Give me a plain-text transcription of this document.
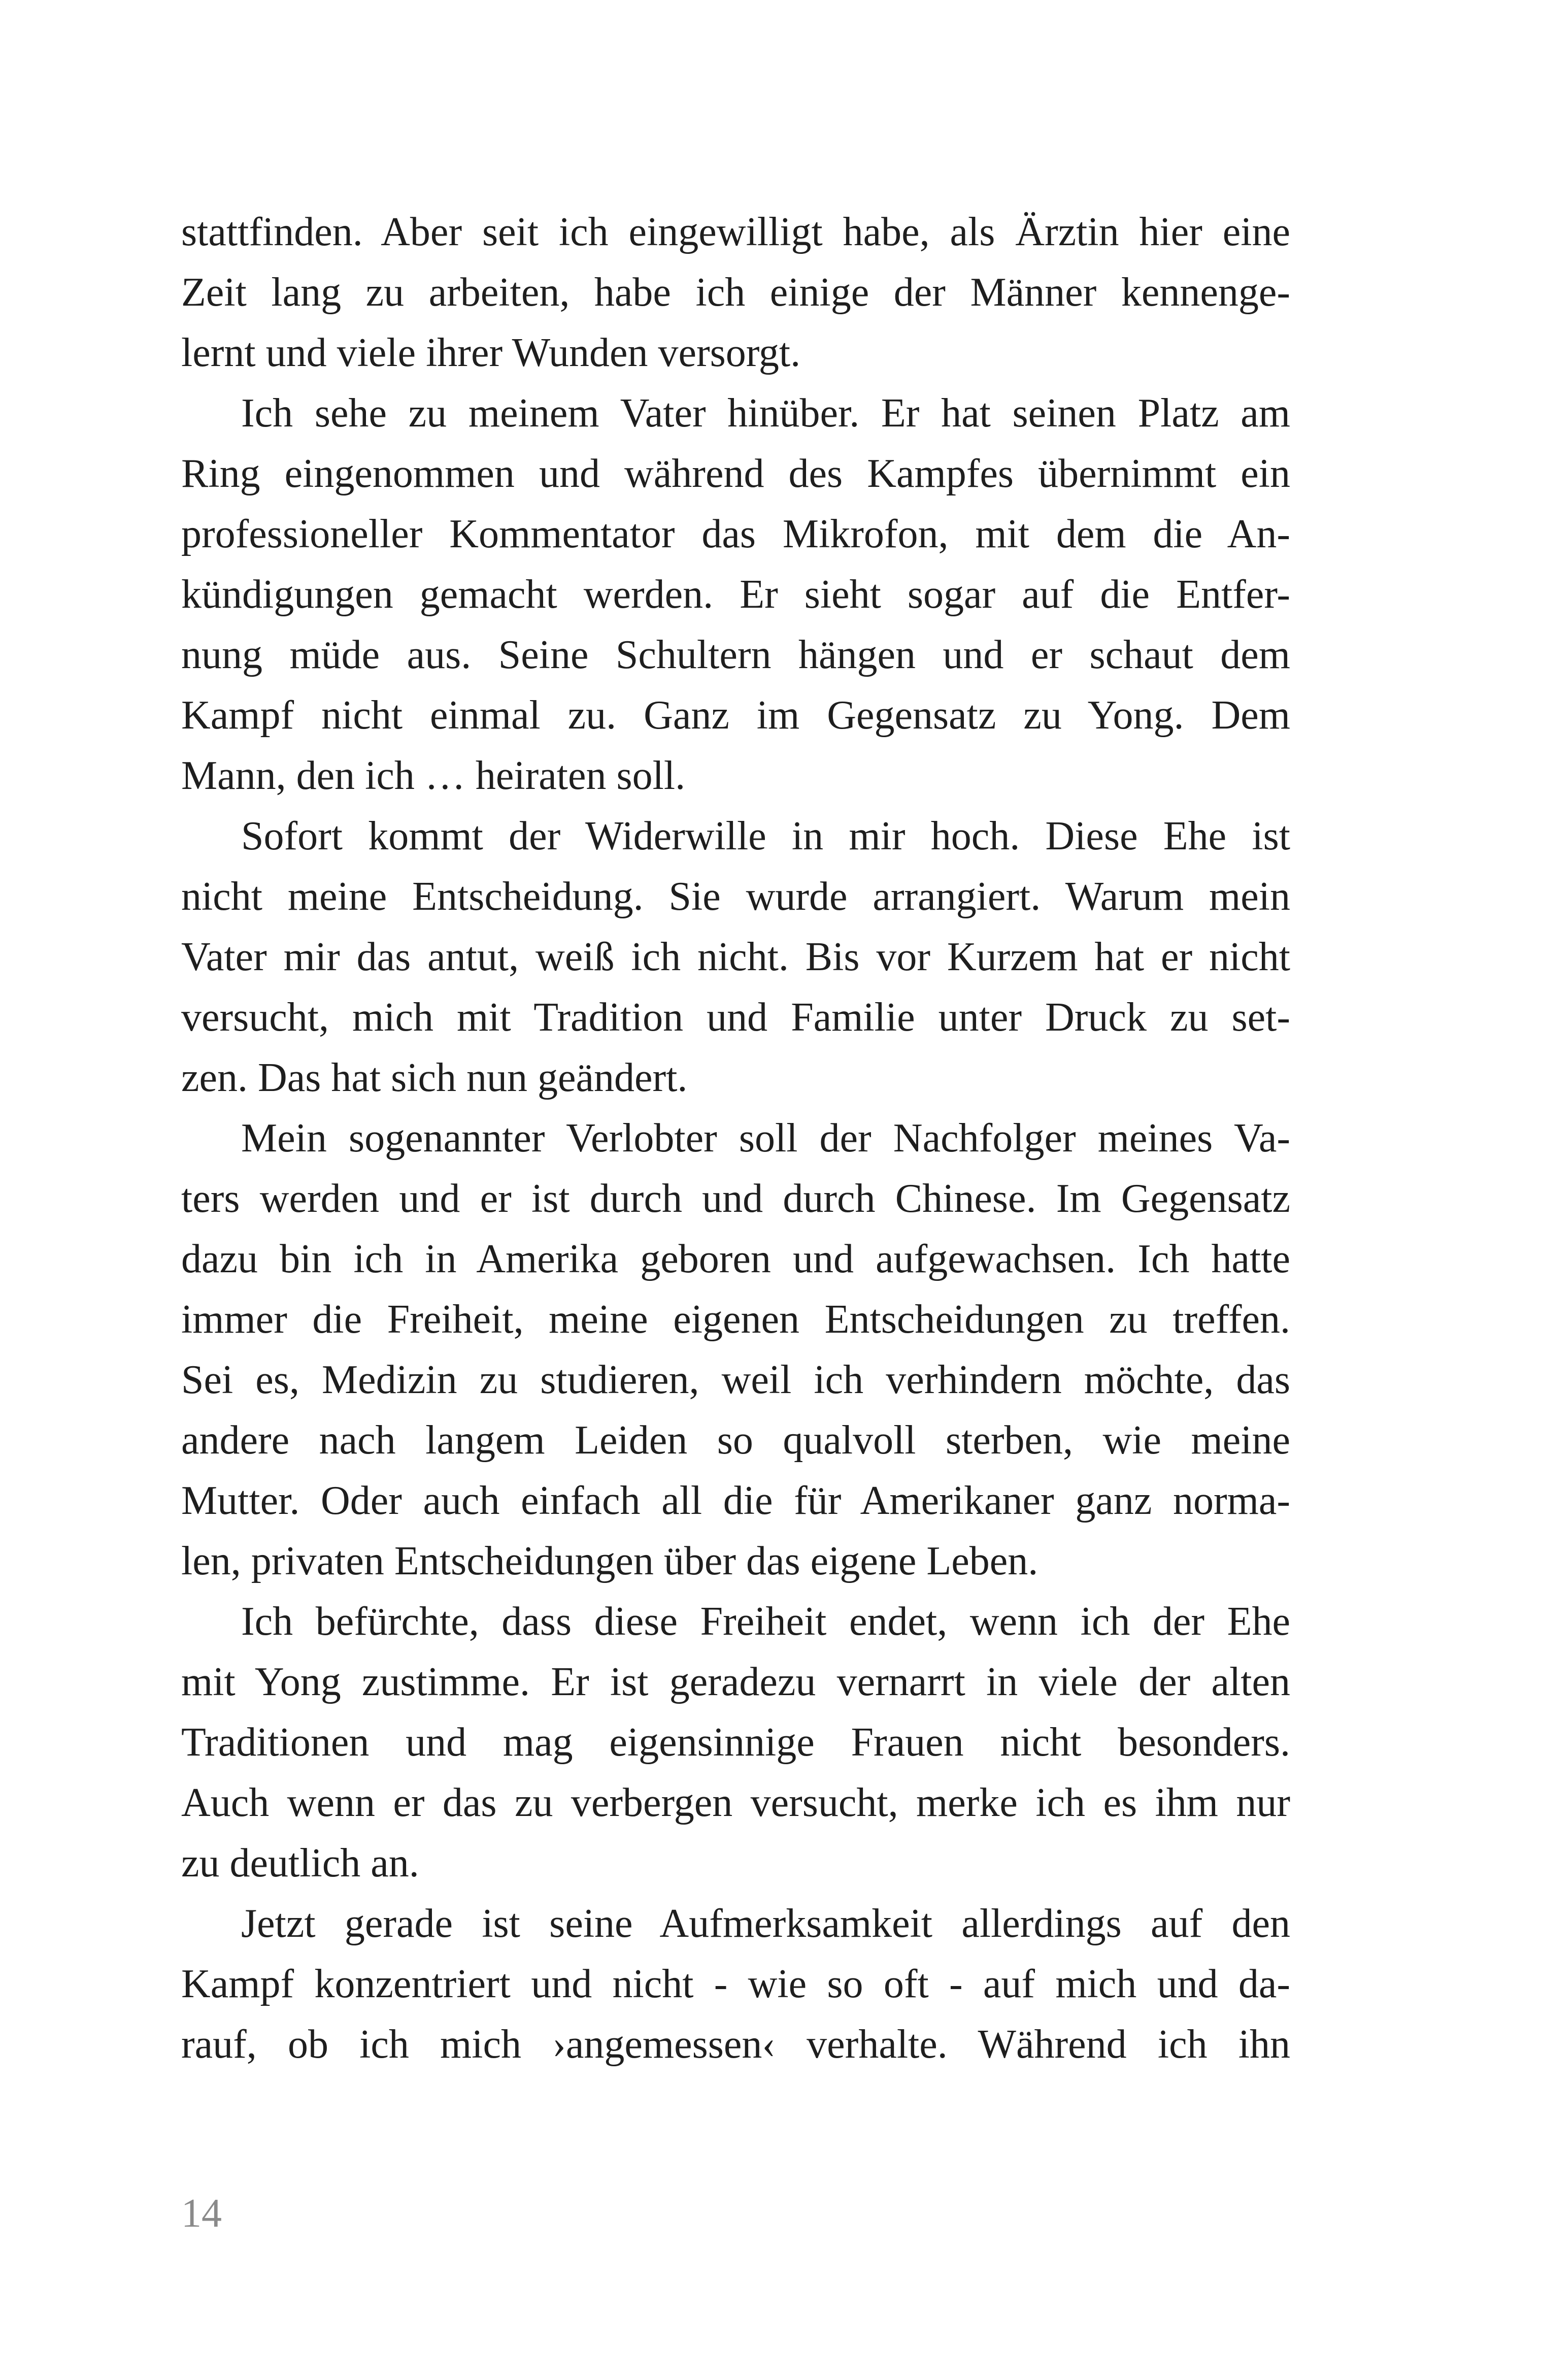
stattfinden. Aber seit ich eingewilligt habe, als Ärztin hier eine
Zeit lang zu arbeiten, habe ich einige der Männer kennenge-
lernt und viele ihrer Wunden versorgt.
Ich sehe zu meinem Vater hinüber. Er hat seinen Platz am
Ring eingenommen und während des Kampfes übernimmt ein
professioneller Kommentator das Mikrofon, mit dem die An-
kündigungen gemacht werden. Er sieht sogar auf die Entfer-
nung müde aus. Seine Schultern hängen und er schaut dem
Kampf nicht einmal zu. Ganz im Gegensatz zu Yong. Dem
Mann, den ich … heiraten soll.
Sofort kommt der Widerwille in mir hoch. Diese Ehe ist
nicht meine Entscheidung. Sie wurde arrangiert. Warum mein
Vater mir das antut, weiß ich nicht. Bis vor Kurzem hat er nicht
versucht, mich mit Tradition und Familie unter Druck zu set-
zen. Das hat sich nun geändert.
Mein sogenannter Verlobter soll der Nachfolger meines Va-
ters werden und er ist durch und durch Chinese. Im Gegensatz
dazu bin ich in Amerika geboren und aufgewachsen. Ich hatte
immer die Freiheit, meine eigenen Entscheidungen zu treffen.
Sei es, Medizin zu studieren, weil ich verhindern möchte, das
andere nach langem Leiden so qualvoll sterben, wie meine
Mutter. Oder auch einfach all die für Amerikaner ganz norma-
len, privaten Entscheidungen über das eigene Leben.
Ich befürchte, dass diese Freiheit endet, wenn ich der Ehe
mit Yong zustimme. Er ist geradezu vernarrt in viele der alten
Traditionen und mag eigensinnige Frauen nicht besonders.
Auch wenn er das zu verbergen versucht, merke ich es ihm nur
zu deutlich an.
Jetzt gerade ist seine Aufmerksamkeit allerdings auf den
Kampf konzentriert und nicht - wie so oft - auf mich und da-
rauf, ob ich mich ›angemessen‹ verhalte. Während ich ihn
14
